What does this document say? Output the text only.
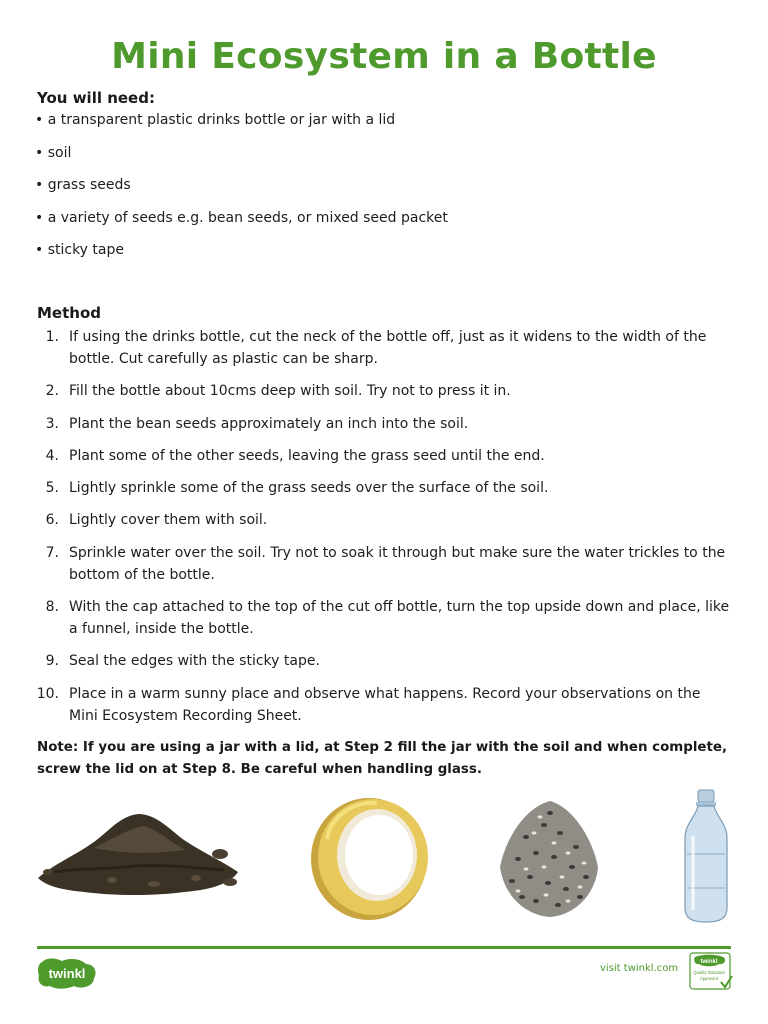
Mini Ecosystem in a Bottle
You will need:
• a transparent plastic drinks bottle or jar with a lid
• soil
• grass seeds
• a variety of seeds e.g. bean seeds, or mixed seed packet
• sticky tape
Method
1. If using the drinks bottle, cut the neck of the bottle off, just as it widens to the width of the bottle. Cut carefully as plastic can be sharp.
2. Fill the bottle about 10cms deep with soil. Try not to press it in.
3. Plant the bean seeds approximately an inch into the soil.
4. Plant some of the other seeds, leaving the grass seed until the end.
5. Lightly sprinkle some of the grass seeds over the surface of the soil.
6. Lightly cover them with soil.
7. Sprinkle water over the soil. Try not to soak it through but make sure the water trickles to the bottom of the bottle.
8. With the cap attached to the top of the cut off bottle, turn the top upside down and place, like a funnel, inside the bottle.
9. Seal the edges with the sticky tape.
10. Place in a warm sunny place and observe what happens. Record your observations on the Mini Ecosystem Recording Sheet.
Note: If you are using a jar with a lid, at Step 2 fill the jar with the soil and when complete, screw the lid on at Step 8. Be careful when handling glass.
twinkl	visit twinkl.com
twinkl
Quality Standard
Approved
